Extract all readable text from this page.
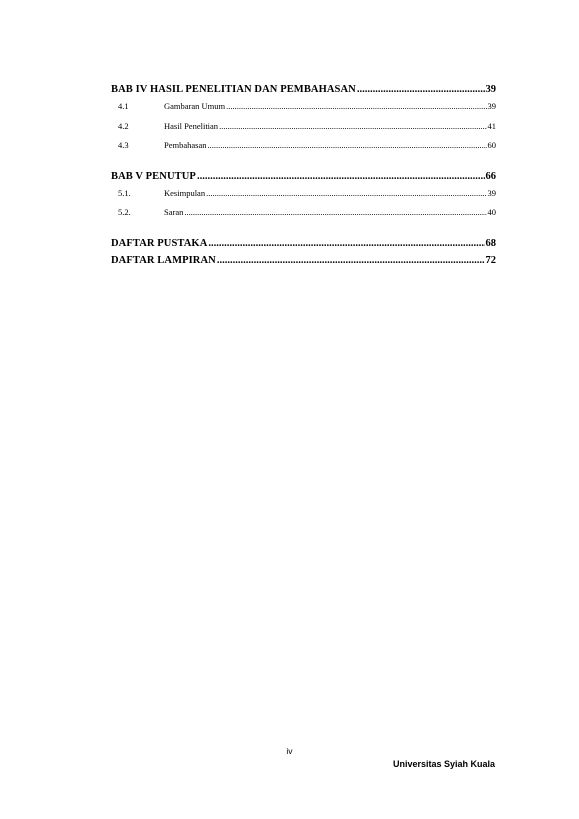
BAB IV HASIL PENELITIAN DAN PEMBAHASAN .....	39
4.1	Gambaran Umum .....	39
4.2	Hasil Penelitian .....	41
4.3	Pembahasan .....	60
BAB V PENUTUP .....	66
5.1.	Kesimpulan .....	39
5.2.	Saran .....	40
DAFTAR PUSTAKA .....	68
DAFTAR LAMPIRAN .....	72
iv
Universitas Syiah Kuala
